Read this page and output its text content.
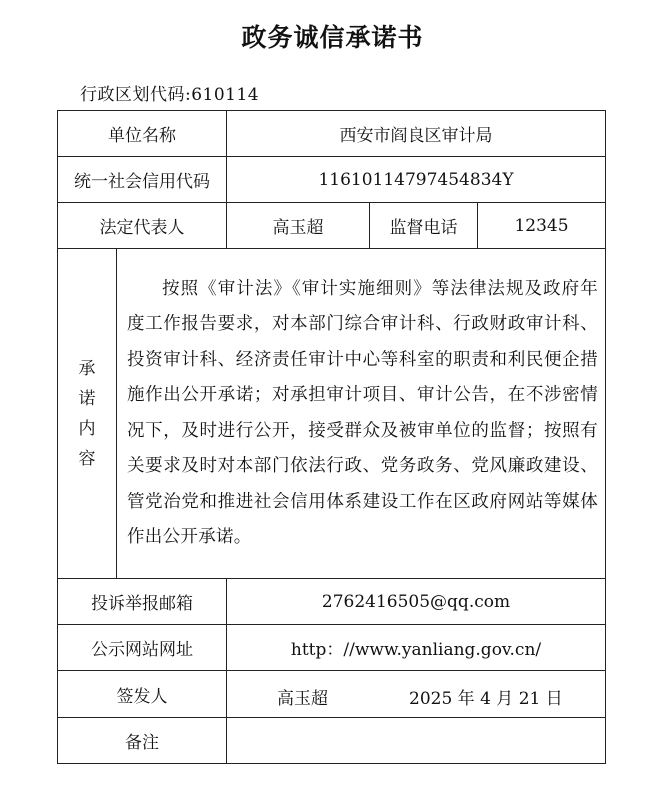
政务诚信承诺书
行政区划代码:610114
单位名称		西安市阎良区审计局		
统一社会信用代码		11610114797454834Y		
法定代表人		高玉超	监督电话	12345

承
诺
内
容	按照《审计法》《审计实施细则》等法律法规及政府年度工作报告要求，对本部门综合审计科、行政财政审计科、投资审计科、经济责任审计中心等科室的职责和利民便企措施作出公开承诺；对承担审计项目、审计公告，在不涉密情况下，及时进行公开，接受群众及被审单位的监督；按照有关要求及时对本部门依法行政、党务政务、党风廉政建设、管党治党和推进社会信用体系建设工作在区政府网站等媒体作出公开承诺。			

投诉举报邮箱		2762416505@qq.com		
公示网站网址		http：//www.yanliang.gov.cn/		
签发人		高玉超 2025 年 4 月 21 日		

备注				
